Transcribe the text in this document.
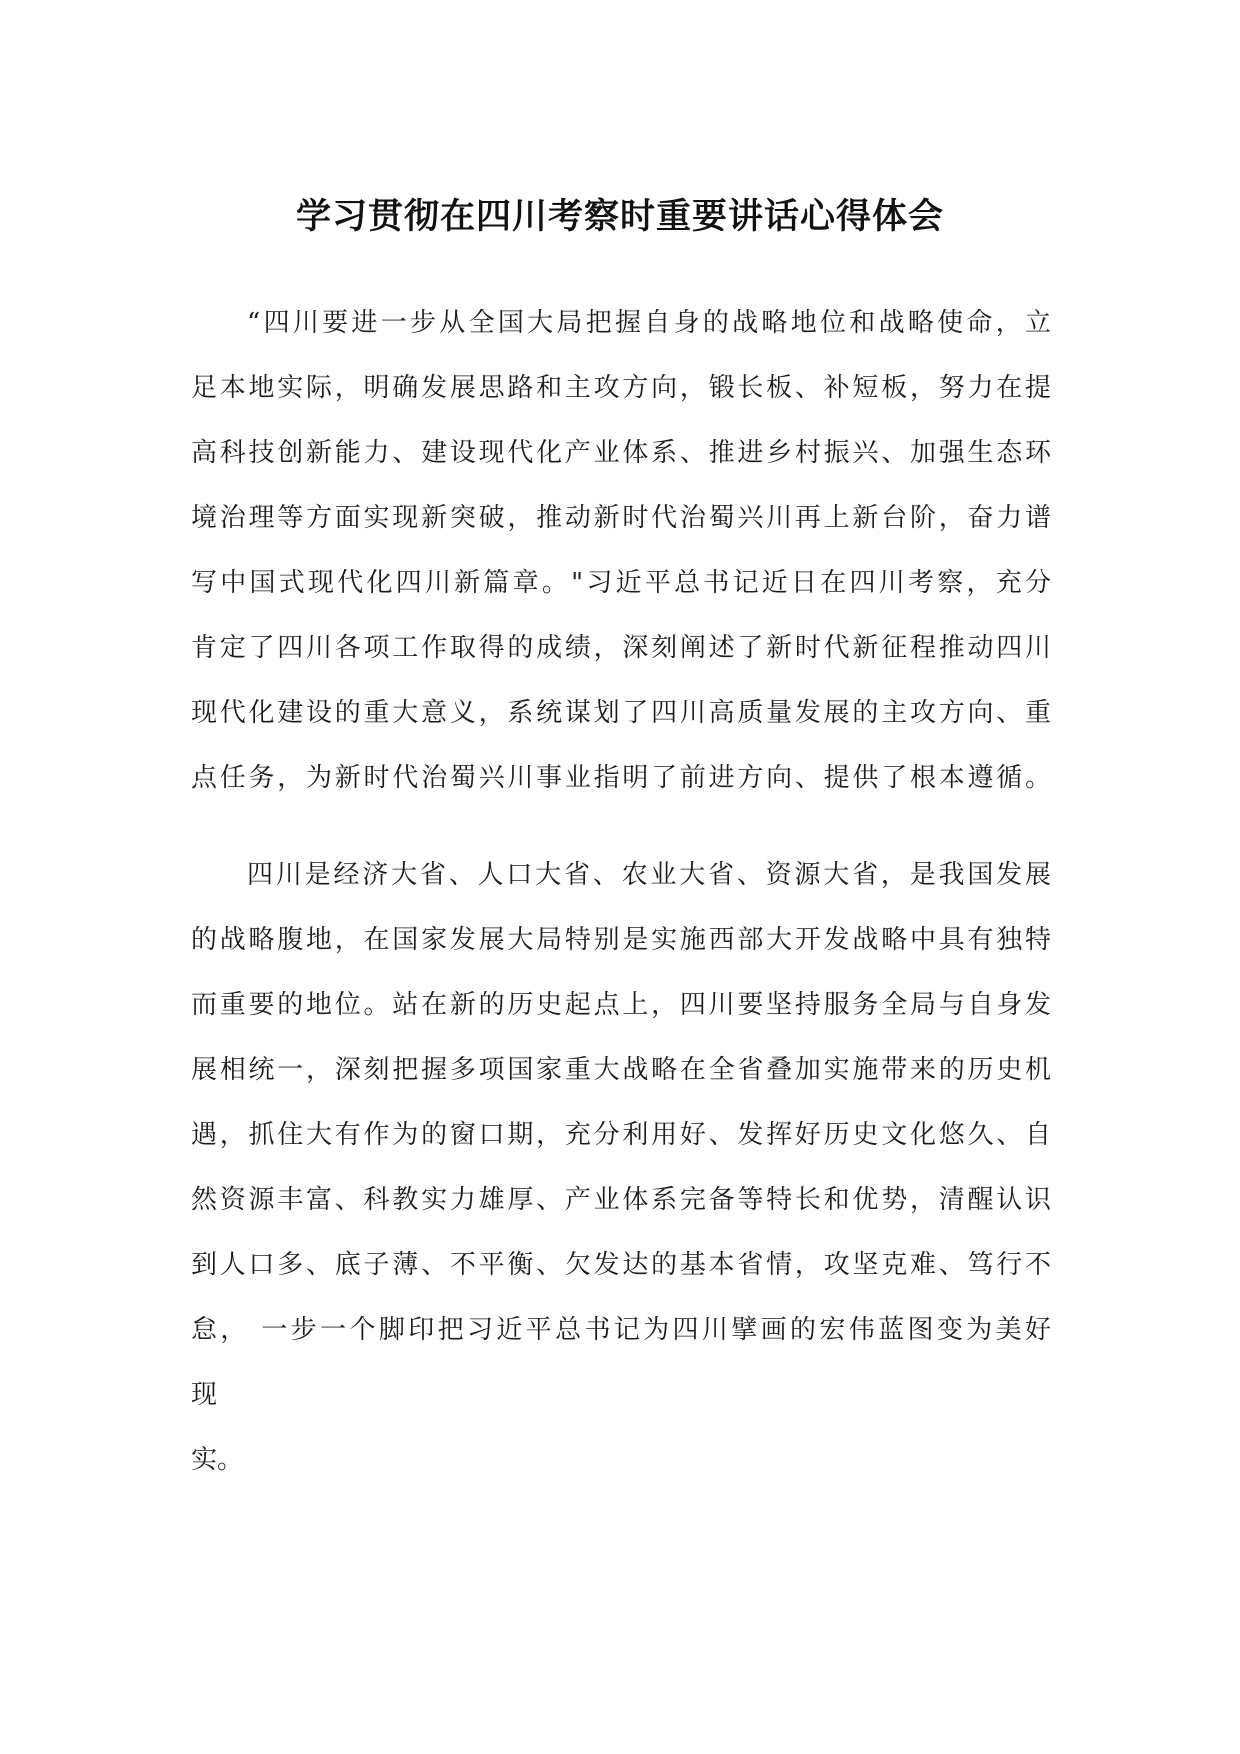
学习贯彻在四川考察时重要讲话心得体会

“四川要进一步从全国大局把握自身的战略地位和战略使命，立

足本地实际，明确发展思路和主攻方向，锻长板、补短板，努力在提

高科技创新能力、建设现代化产业体系、推进乡村振兴、加强生态环

境治理等方面实现新突破，推动新时代治蜀兴川再上新台阶，奋力谱

写中国式现代化四川新篇章。"习近平总书记近日在四川考察，充分

肯定了四川各项工作取得的成绩，深刻阐述了新时代新征程推动四川

现代化建设的重大意义，系统谋划了四川高质量发展的主攻方向、重

点任务，为新时代治蜀兴川事业指明了前进方向、提供了根本遵循。

四川是经济大省、人口大省、农业大省、资源大省，是我国发展

的战略腹地，在国家发展大局特别是实施西部大开发战略中具有独特

而重要的地位。站在新的历史起点上，四川要坚持服务全局与自身发

展相统一，深刻把握多项国家重大战略在全省叠加实施带来的历史机

遇，抓住大有作为的窗口期，充分利用好、发挥好历史文化悠久、自

然资源丰富、科教实力雄厚、产业体系完备等特长和优势，清醒认识

到人口多、底子薄、不平衡、欠发达的基本省情，攻坚克难、笃行不

怠， 一步一个脚印把习近平总书记为四川擘画的宏伟蓝图变为美好

现

实。
